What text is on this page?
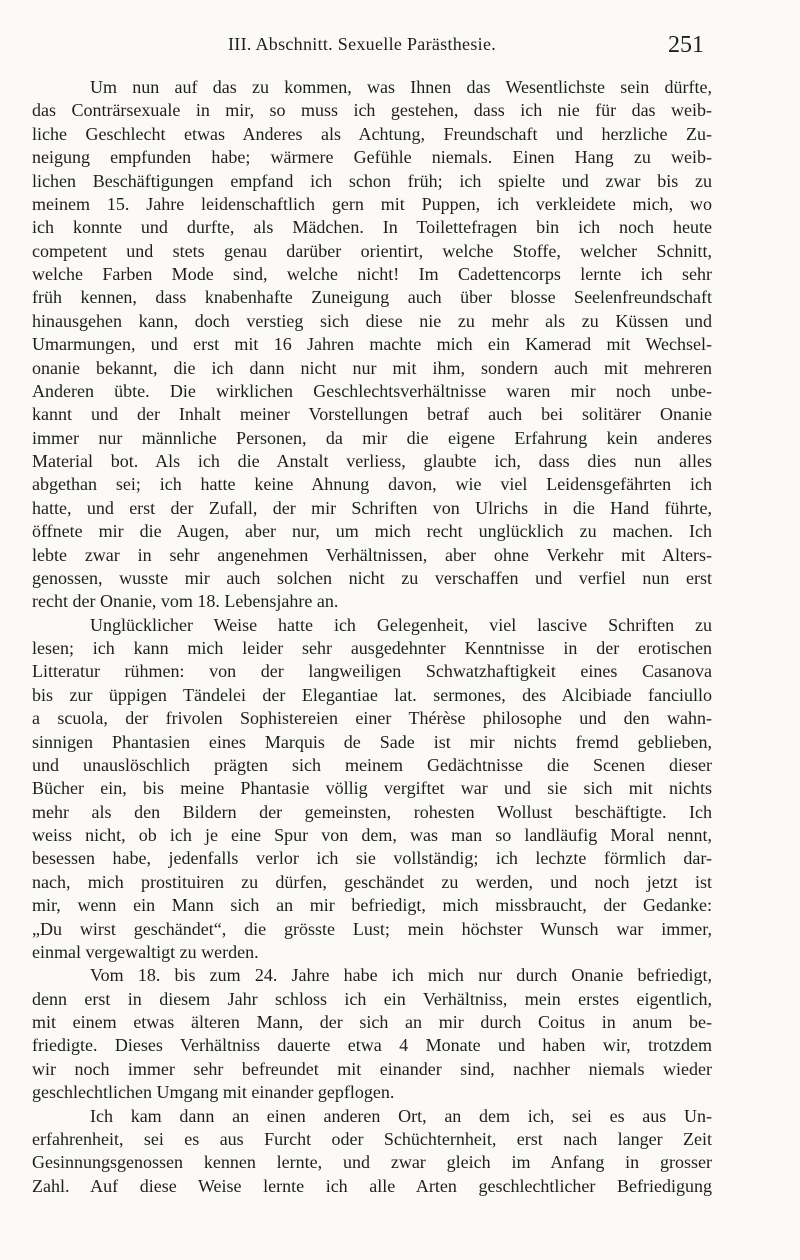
III. Abschnitt. Sexuelle Parästhesie.	251
Um nun auf das zu kommen, was Ihnen das Wesentlichste sein dürfte,
das Conträrsexuale in mir, so muss ich gestehen, dass ich nie für das weib-
liche Geschlecht etwas Anderes als Achtung, Freundschaft und herzliche Zu-
neigung empfunden habe; wärmere Gefühle niemals. Einen Hang zu weib-
lichen Beschäftigungen empfand ich schon früh; ich spielte und zwar bis zu
meinem 15. Jahre leidenschaftlich gern mit Puppen, ich verkleidete mich, wo
ich konnte und durfte, als Mädchen. In Toilettefragen bin ich noch heute
competent und stets genau darüber orientirt, welche Stoffe, welcher Schnitt,
welche Farben Mode sind, welche nicht! Im Cadettencorps lernte ich sehr
früh kennen, dass knabenhafte Zuneigung auch über blosse Seelenfreundschaft
hinausgehen kann, doch verstieg sich diese nie zu mehr als zu Küssen und
Umarmungen, und erst mit 16 Jahren machte mich ein Kamerad mit Wechsel-
onanie bekannt, die ich dann nicht nur mit ihm, sondern auch mit mehreren
Anderen übte. Die wirklichen Geschlechtsverhältnisse waren mir noch unbe-
kannt und der Inhalt meiner Vorstellungen betraf auch bei solitärer Onanie
immer nur männliche Personen, da mir die eigene Erfahrung kein anderes
Material bot. Als ich die Anstalt verliess, glaubte ich, dass dies nun alles
abgethan sei; ich hatte keine Ahnung davon, wie viel Leidensgefährten ich
hatte, und erst der Zufall, der mir Schriften von Ulrichs in die Hand führte,
öffnete mir die Augen, aber nur, um mich recht unglücklich zu machen. Ich
lebte zwar in sehr angenehmen Verhältnissen, aber ohne Verkehr mit Alters-
genossen, wusste mir auch solchen nicht zu verschaffen und verfiel nun erst
recht der Onanie, vom 18. Lebensjahre an.
Unglücklicher Weise hatte ich Gelegenheit, viel lascive Schriften zu
lesen; ich kann mich leider sehr ausgedehnter Kenntnisse in der erotischen
Litteratur rühmen: von der langweiligen Schwatzhaftigkeit eines Casanova
bis zur üppigen Tändelei der Elegantiae lat. sermones, des Alcibiade fanciullo
a scuola, der frivolen Sophistereien einer Thérèse philosophe und den wahn-
sinnigen Phantasien eines Marquis de Sade ist mir nichts fremd geblieben,
und unauslöschlich prägten sich meinem Gedächtnisse die Scenen dieser
Bücher ein, bis meine Phantasie völlig vergiftet war und sie sich mit nichts
mehr als den Bildern der gemeinsten, rohesten Wollust beschäftigte. Ich
weiss nicht, ob ich je eine Spur von dem, was man so landläufig Moral nennt,
besessen habe, jedenfalls verlor ich sie vollständig; ich lechzte förmlich dar-
nach, mich prostituiren zu dürfen, geschändet zu werden, und noch jetzt ist
mir, wenn ein Mann sich an mir befriedigt, mich missbraucht, der Gedanke:
„Du wirst geschändet“, die grösste Lust; mein höchster Wunsch war immer,
einmal vergewaltigt zu werden.
Vom 18. bis zum 24. Jahre habe ich mich nur durch Onanie befriedigt,
denn erst in diesem Jahr schloss ich ein Verhältniss, mein erstes eigentlich,
mit einem etwas älteren Mann, der sich an mir durch Coitus in anum be-
friedigte. Dieses Verhältniss dauerte etwa 4 Monate und haben wir, trotzdem
wir noch immer sehr befreundet mit einander sind, nachher niemals wieder
geschlechtlichen Umgang mit einander gepflogen.
Ich kam dann an einen anderen Ort, an dem ich, sei es aus Un-
erfahrenheit, sei es aus Furcht oder Schüchternheit, erst nach langer Zeit
Gesinnungsgenossen kennen lernte, und zwar gleich im Anfang in grosser
Zahl. Auf diese Weise lernte ich alle Arten geschlechtlicher Befriedigung
